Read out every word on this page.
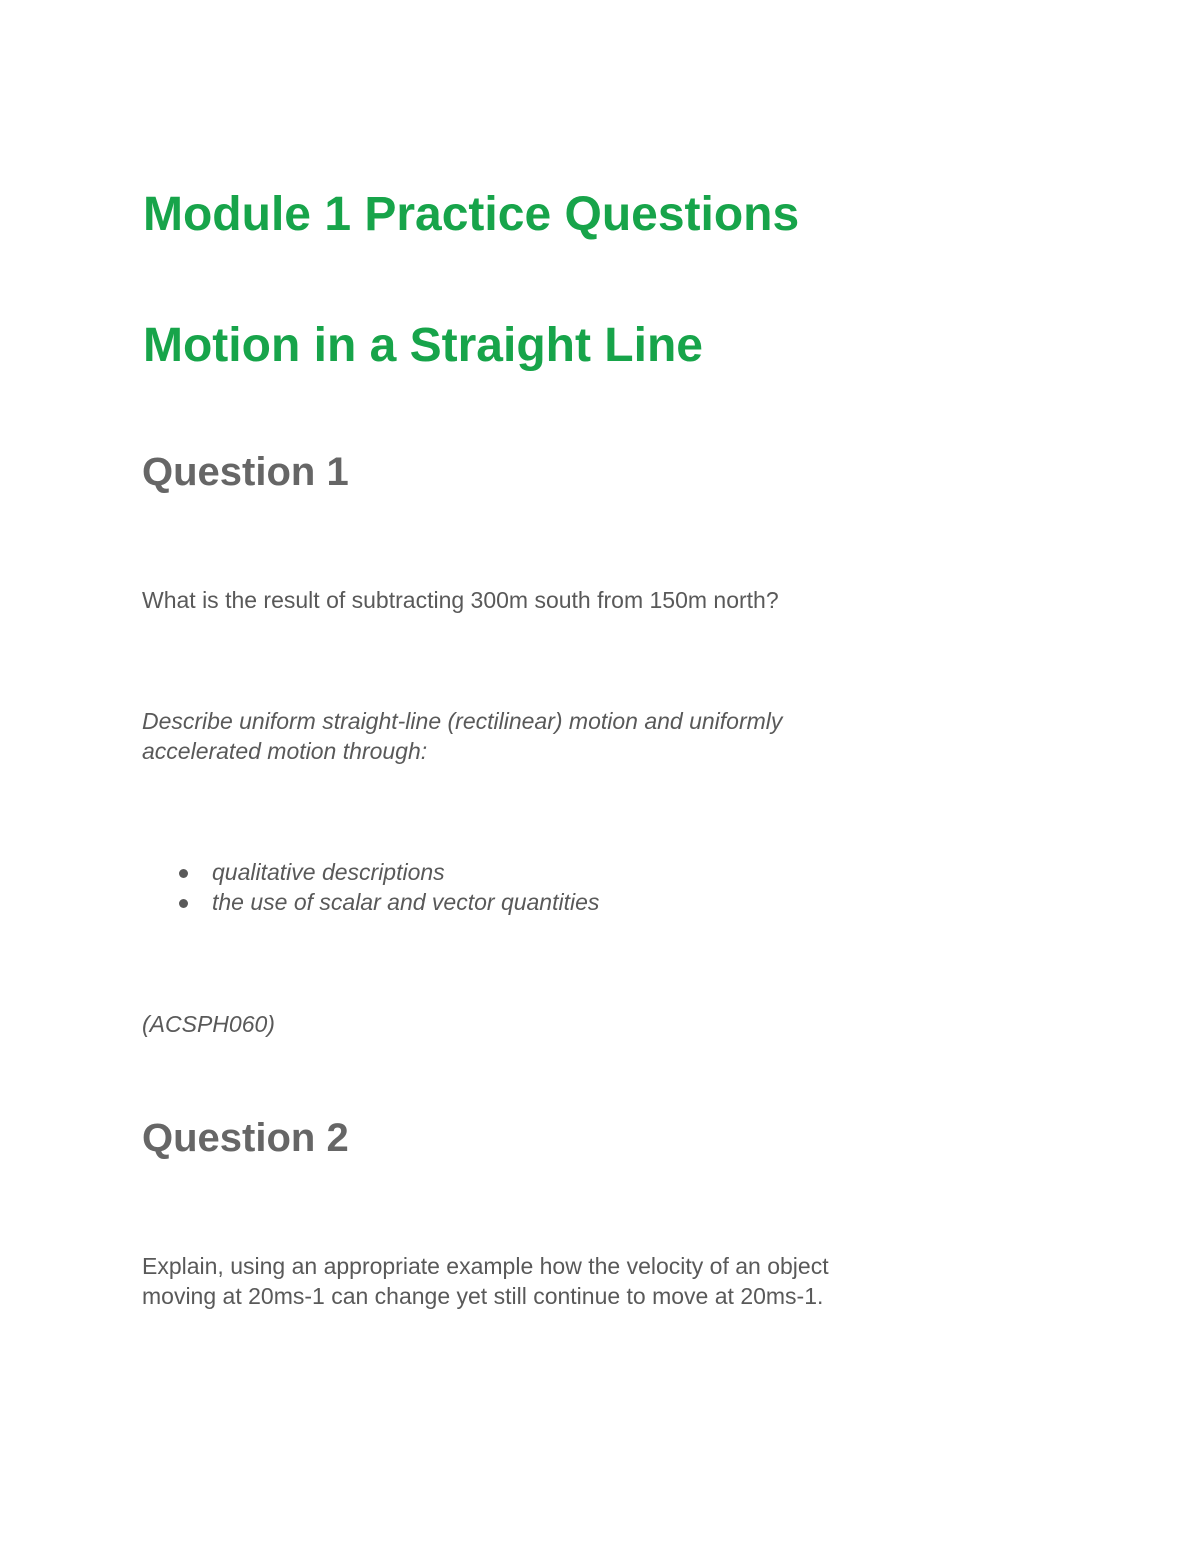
Module 1 Practice Questions
Motion in a Straight Line
Question 1

What is the result of subtracting 300m south from 150m north?

Describe uniform straight-line (rectilinear) motion and uniformly

accelerated motion through:

qualitative descriptions
the use of scalar and vector quantities

(ACSPH060)

Question 2

Explain, using an appropriate example how the velocity of an object

moving at 20ms-1 can change yet still continue to move at 20ms-1.
